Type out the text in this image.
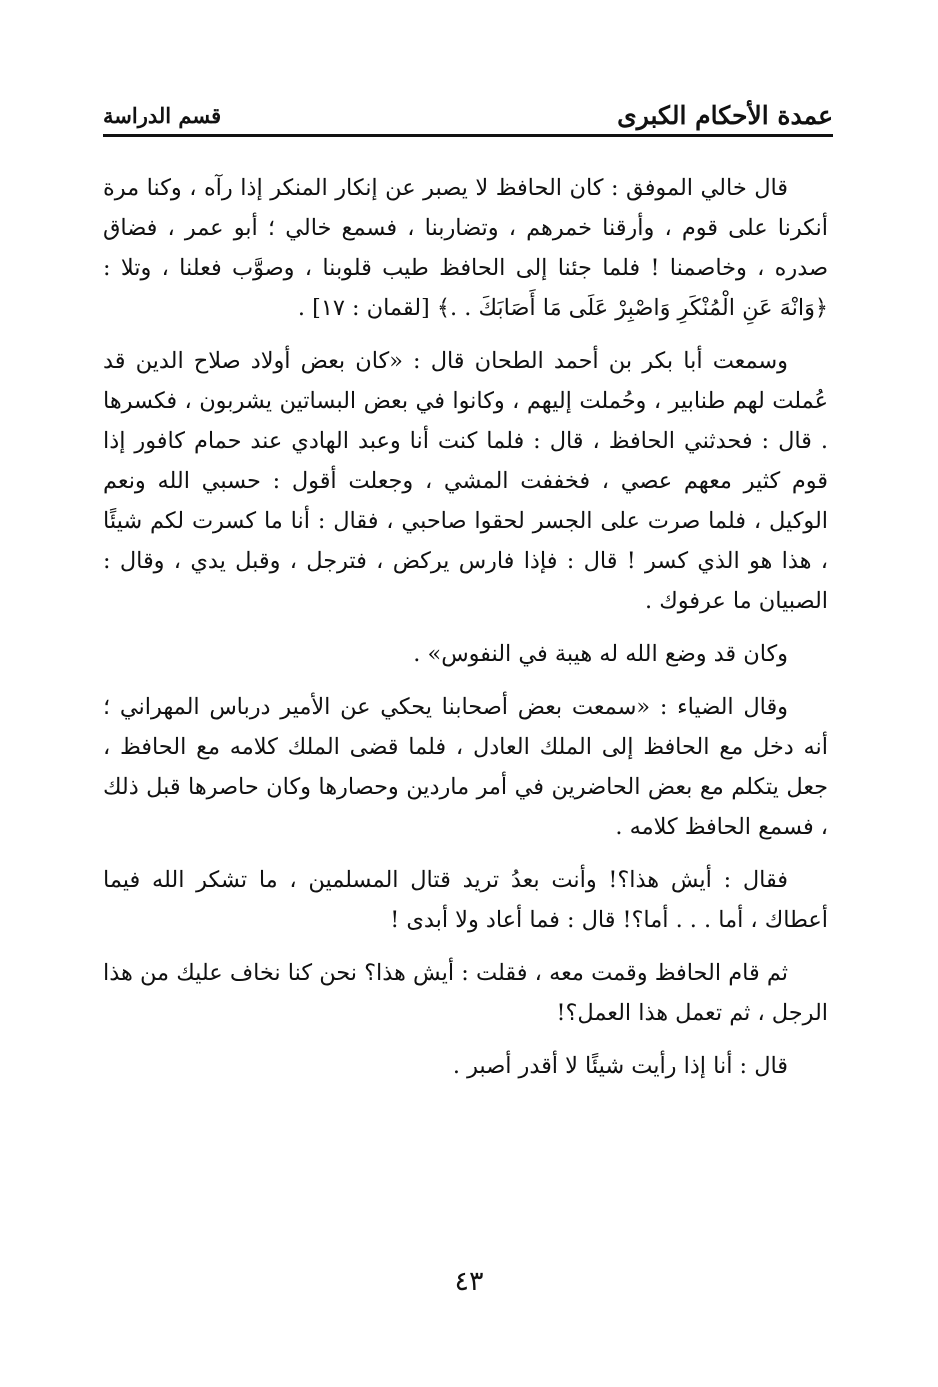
عمدة الأحكام الكبرى
قسم الدراسة

قال خالي الموفق : كان الحافظ لا يصبر عن إنكار المنكر إذا رآه ، وكنا مرة أنكرنا على قوم ، وأرقنا خمرهم ، وتضاربنا ، فسمع خالي ؛ أبو عمر ، فضاق صدره ، وخاصمنا ! فلما جئنا إلى الحافظ طيب قلوبنا ، وصوَّب فعلنا ، وتلا : ﴿وَانْهَ عَنِ الْمُنْكَرِ وَاصْبِرْ عَلَى مَا أَصَابَكَ . .﴾ [لقمان : ١٧] .

وسمعت أبا بكر بن أحمد الطحان قال : «كان بعض أولاد صلاح الدين قد عُملت لهم طنابير ، وحُملت إليهم ، وكانوا في بعض البساتين يشربون ، فكسرها . قال : فحدثني الحافظ ، قال : فلما كنت أنا وعبد الهادي عند حمام كافور إذا قوم كثير معهم عصي ، فخففت المشي ، وجعلت أقول : حسبي الله ونعم الوكيل ، فلما صرت على الجسر لحقوا صاحبي ، فقال : أنا ما كسرت لكم شيئًا ، هذا هو الذي كسر ! قال : فإذا فارس يركض ، فترجل ، وقبل يدي ، وقال : الصبيان ما عرفوك .

وكان قد وضع الله له هيبة في النفوس» .

وقال الضياء : «سمعت بعض أصحابنا يحكي عن الأمير درباس المهراني ؛ أنه دخل مع الحافظ إلى الملك العادل ، فلما قضى الملك كلامه مع الحافظ ، جعل يتكلم مع بعض الحاضرين في أمر ماردين وحصارها وكان حاصرها قبل ذلك ، فسمع الحافظ كلامه .

فقال : أيش هذا؟! وأنت بعدُ تريد قتال المسلمين ، ما تشكر الله فيما أعطاك ، أما . . . أما؟! قال : فما أعاد ولا أبدى !

ثم قام الحافظ وقمت معه ، فقلت : أيش هذا؟ نحن كنا نخاف عليك من هذا الرجل ، ثم تعمل هذا العمل؟!

قال : أنا إذا رأيت شيئًا لا أقدر أصبر .

٤٣
